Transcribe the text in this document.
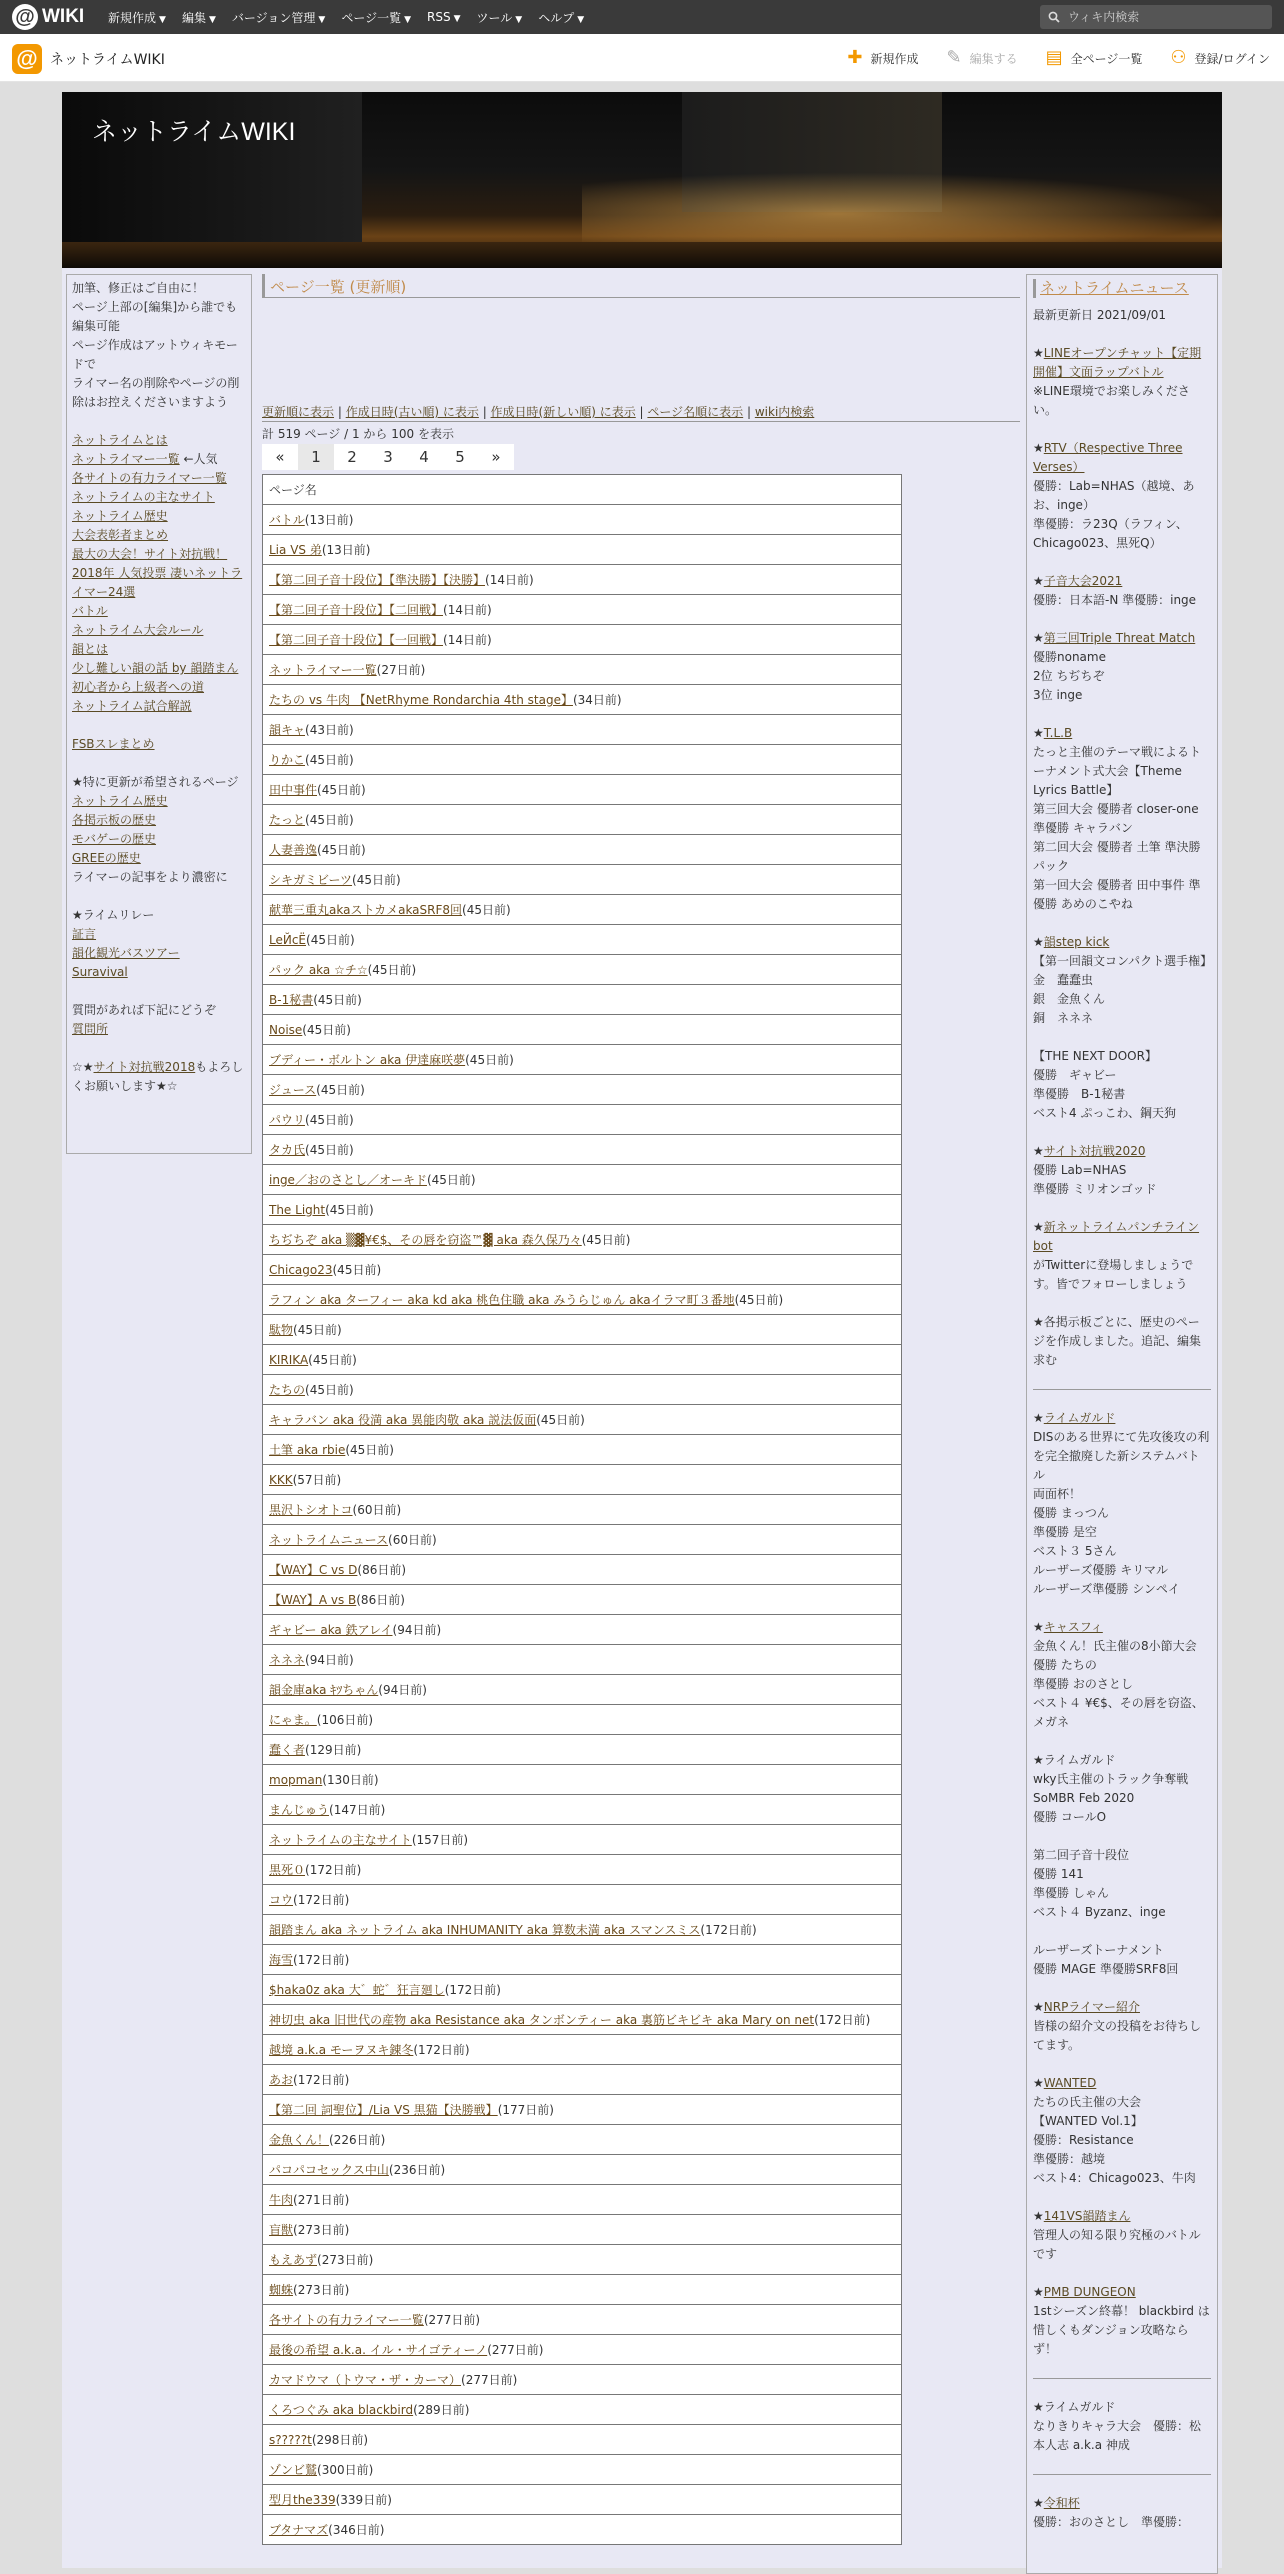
@ WIKI 新規作成 ▼ 編集 ▼ バージョン管理 ▼ ページ一覧 ▼ RSS ▼ ツール ▼ ヘルプ ▼
ウィキ内検索
@ ネットライムWIKI	✚ 新規作成 ✎ 編集する ▤ 全ページ一覧 ⚇ 登録/ログイン
ネットライムWIKI

加筆、修正はご自由に！

ページ上部の[編集]から誰でも編集可能

ページ作成はアットウィキモードで

ライマー名の削除やページの削除はお控えくださいますよう

ネットライムとは

ネットライマー一覧 ←人気

各サイトの有力ライマー一覧

ネットライムの主なサイト

ネットライム歴史

大会表彰者まとめ

最大の大会！サイト対抗戦！

2018年 人気投票 凄いネットライマー24選

バトル

ネットライム大会ルール

韻とは

少し難しい韻の話 by 韻踏まん

初心者から上級者への道

ネットライム試合解説

FSBスレまとめ

★特に更新が希望されるページ

ネットライム歴史

各掲示板の歴史

モバゲーの歴史

GREEの歴史

ライマーの記事をより濃密に

★ライムリレー

証言

韻化観光バスツアー

Suravival

質問があれば下記にどうぞ

質問所

☆★サイト対抗戦2018もよろしくお願いします★☆
ページ一覧 (更新順)
更新順に表示 | 作成日時(古い順) に表示 | 作成日時(新しい順) に表示 | ページ名順に表示 | wiki内検索
計 519 ページ / 1 から 100 を表示
«	1	2	3	4	5	»
ページ名
バトル(13日前)
Lia VS 弟(13日前)
【第二回子音十段位】【準決勝】【決勝】(14日前)
【第二回子音十段位】【二回戦】(14日前)
【第二回子音十段位】【一回戦】(14日前)
ネットライマー一覧(27日前)
たちの vs 牛肉 【NetRhyme Rondarchia 4th stage】(34日前)
韻キャ(43日前)
りかこ(45日前)
田中事件(45日前)
たっと(45日前)
人妻善逸(45日前)
シキガミビーツ(45日前)
献華三重丸akaストカメakaSRF8回(45日前)
LeЙcЁ(45日前)
パック aka ☆チ☆(45日前)
B-1秘書(45日前)
Noise(45日前)
ブディー・ボルトン aka 伊達麻咲夢(45日前)
ジュース(45日前)
パウリ(45日前)
タカ氏(45日前)
inge／おのさとし／オーキド(45日前)
The Light(45日前)
ちぢちぞ aka ▒▓¥€$、その唇を窃盗™▓ aka 森久保乃々(45日前)
Chicago23(45日前)
ラフィン aka ターフィー aka kd aka 桃色住職 aka みうらじゅん akaイラマ町３番地(45日前)
駄物(45日前)
KIRIKA(45日前)
たちの(45日前)
キャラバン aka 役満 aka 異能肉敬 aka 説法仮面(45日前)
土筆 aka rbie(45日前)
KKK(57日前)
黒沢トシオトコ(60日前)
ネットライムニュース(60日前)
【WAY】C vs D(86日前)
【WAY】A vs B(86日前)
ギャビー aka 鉄アレイ(94日前)
ネネネ(94日前)
韻金庫aka ｷﾂちゃん(94日前)
にゃま。(106日前)
蠢く者(129日前)
mopman(130日前)
まんじゅう(147日前)
ネットライムの主なサイト(157日前)
黒死０(172日前)
コウ(172日前)
韻踏まん aka ネットライム aka INHUMANITY aka 算数未満 aka スマンスミス(172日前)
海雪(172日前)
$haka0z aka 大゛蛇゛狂言廻し(172日前)
神切虫 aka 旧世代の産物 aka Resistance aka タンボンティー aka 裏筋ビキビキ aka Mary on net(172日前)
越境 a.k.a モーヲヌキ錬冬(172日前)
あお(172日前)
【第二回 詞聖位】/Lia VS 黒猫【決勝戦】(177日前)
金魚くん！(226日前)
パコパコセックス中山(236日前)
牛肉(271日前)
盲獣(273日前)
もえあず(273日前)
蜘蛛(273日前)
各サイトの有力ライマー一覧(277日前)
最後の希望 a.k.a. イル・サイゴティーノ(277日前)
カマドウマ（トウマ・ザ・カーマ）(277日前)
くろつぐみ aka blackbird(289日前)
s?????t(298日前)
ゾンビ鷲(300日前)
型月the339(339日前)
ブタナマズ(346日前)
ネットライムニュース
最新更新日 2021/09/01
★LINEオープンチャット【定期開催】文面ラップバトル
※LINE環境でお楽しみください。
★RTV（Respective Three Verses）
優勝：Lab=NHAS（越境、あお、inge）
準優勝：ラ23Q（ラフィン、Chicago023、黒死Q）
★子音大会2021
優勝：日本語-N 準優勝：inge
★第三回Triple Threat Match
優勝noname
2位 ちぢちぞ
3位 inge
★T.L.B
たっと主催のテーマ戦によるトーナメント式大会【Theme Lyrics Battle】
第三回大会 優勝者 closer-one 準優勝 キャラバン
第二回大会 優勝者 土筆 準決勝 パック
第一回大会 優勝者 田中事件 準優勝 あめのこやね
★韻step kick
【第一回韻文コンパクト選手権】
金　蠢蠢虫
銀　金魚くん
銅　ネネネ
【THE NEXT DOOR】
優勝　ギャビー
準優勝　B-1秘書
ベスト4 ぷっこわ、鋼天狗
★サイト対抗戦2020
優勝 Lab=NHAS
準優勝 ミリオンゴッド
★新ネットライムパンチラインbot
がTwitterに登場しましょうです。皆でフォローしましょう
★各掲示板ごとに、歴史のページを作成しました。追記、編集求む
★ライムガルド
DISのある世界にて先攻後攻の利を完全撤廃した新システムバトル
両面杯！
優勝 まっつん
準優勝 是空
ベスト３ 5さん
ルーザーズ優勝 キリマル
ルーザーズ準優勝 シンペイ
★キャスフィ
金魚くん！氏主催の8小節大会
優勝 たちの
準優勝 おのさとし
ベスト４ ¥€$、その唇を窃盗、メガネ
★ライムガルド
wky氏主催のトラック争奪戦 SoMBR Feb 2020
優勝 コールO
第二回子音十段位
優勝 141
準優勝 しゃん
ベスト４ Byzanz、inge
ルーザーズトーナメント
優勝 MAGE 準優勝SRF8回
★NRPライマー紹介
皆様の紹介文の投稿をお待ちしてます。
★WANTED
たちの氏主催の大会
【WANTED Vol.1】
優勝：Resistance
準優勝：越境
ベスト4：Chicago023、牛肉
★141VS韻踏まん
管理人の知る限り究極のバトルです
★PMB DUNGEON
1stシーズン終幕！ blackbird は惜しくもダンジョン攻略ならず！
★ライムガルド
なりきりキャラ大会　優勝：松本人志 a.k.a 神成
★令和杯
優勝：おのさとし　準優勝：
